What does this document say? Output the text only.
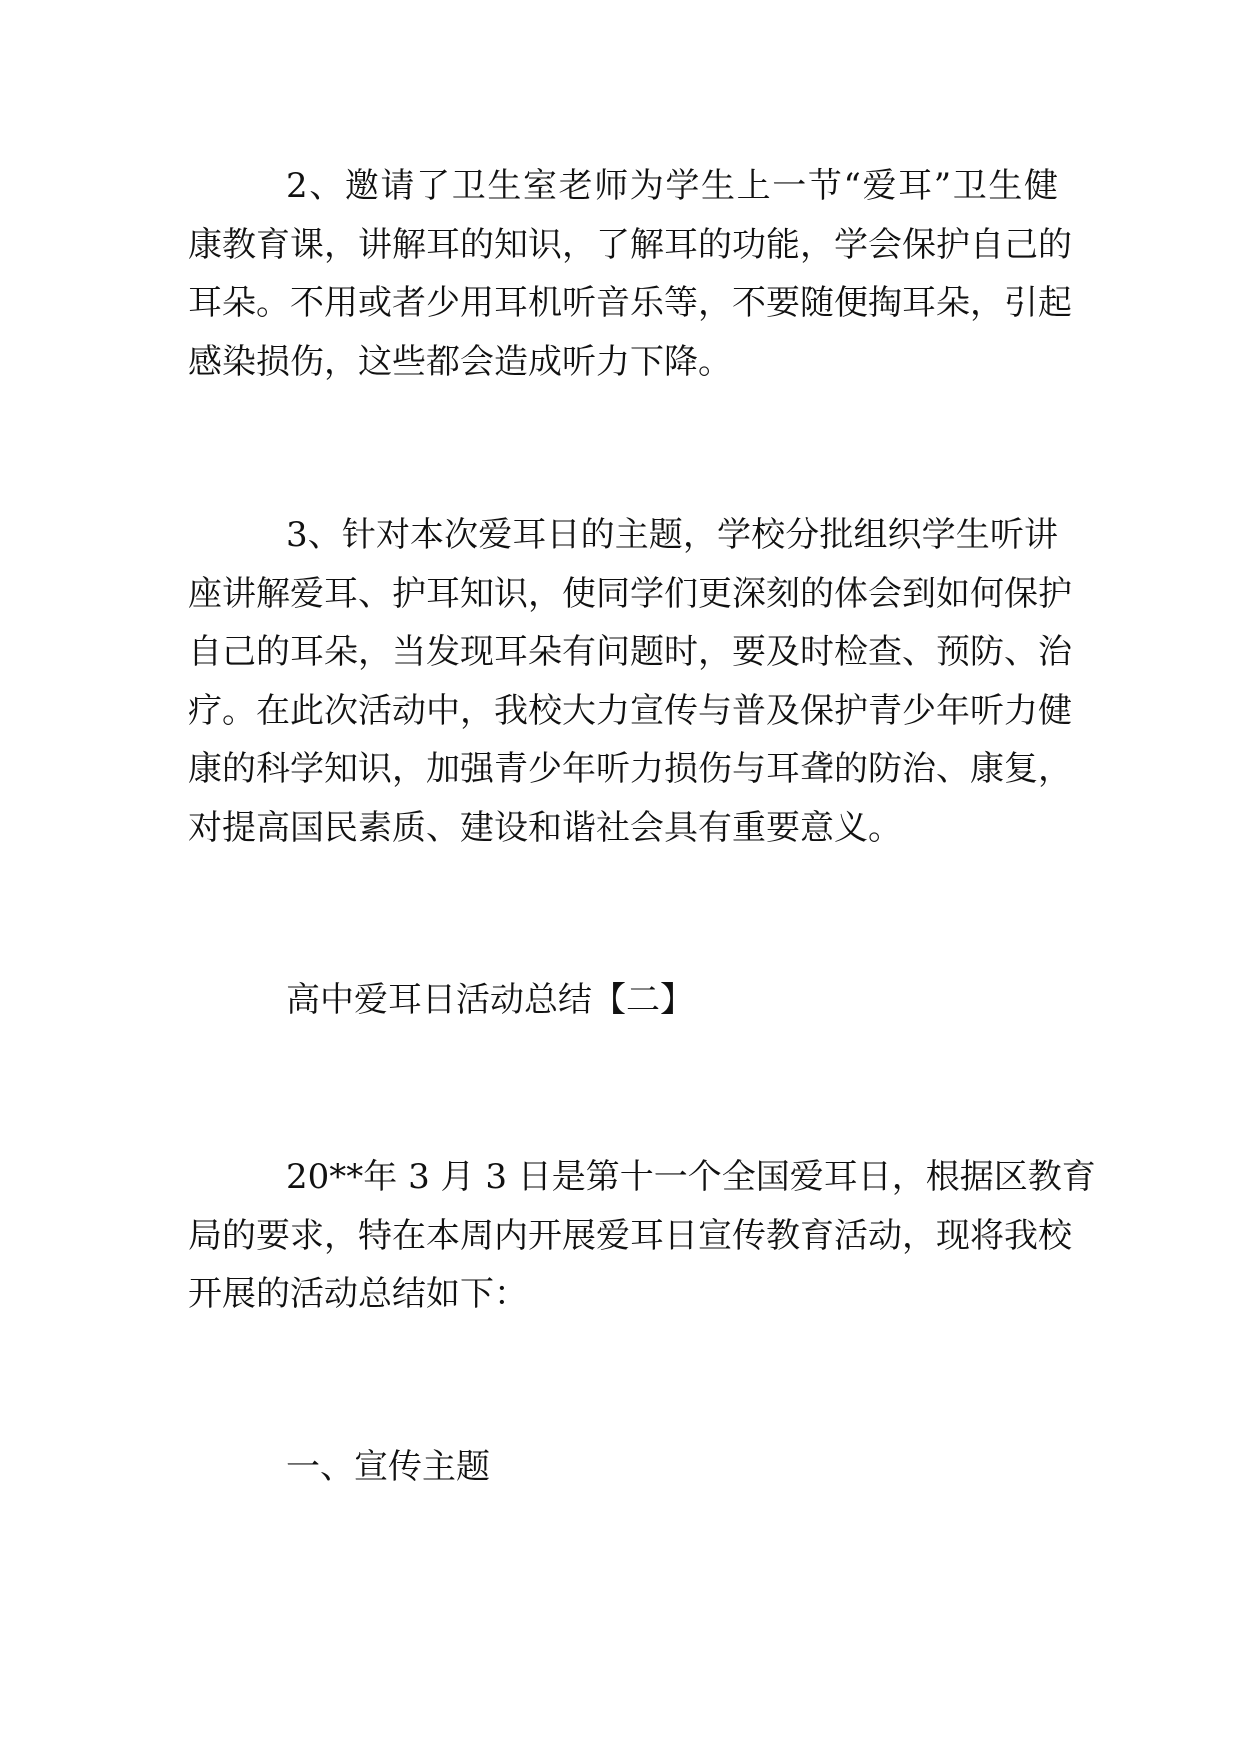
2、邀请了卫生室老师为学生上一节“爱耳”卫生健
康教育课，讲解耳的知识，了解耳的功能，学会保护自己的
耳朵。不用或者少用耳机听音乐等，不要随便掏耳朵，引起
感染损伤，这些都会造成听力下降。
3、针对本次爱耳日的主题，学校分批组织学生听讲
座讲解爱耳、护耳知识，使同学们更深刻的体会到如何保护
自己的耳朵，当发现耳朵有问题时，要及时检查、预防、治
疗。在此次活动中，我校大力宣传与普及保护青少年听力健
康的科学知识，加强青少年听力损伤与耳聋的防治、康复，
对提高国民素质、建设和谐社会具有重要意义。
高中爱耳日活动总结【二】
20**年 3 月 3 日是第十一个全国爱耳日，根据区教育
局的要求，特在本周内开展爱耳日宣传教育活动，现将我校
开展的活动总结如下：
一、宣传主题
